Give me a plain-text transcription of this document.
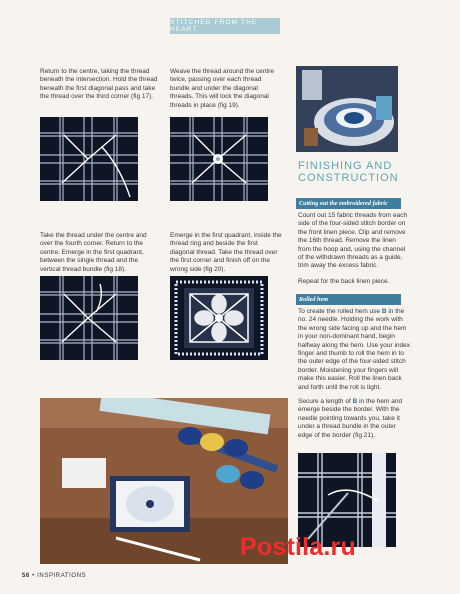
STITCHED FROM THE HEART
Return to the centre, taking the thread beneath the intersection. Hold the thread beneath the first diagonal pass and take the thread over the third corner (fig 17).
Take the thread under the centre and over the fourth corner. Return to the centre. Emerge in the first quadrant, between the single thread and the vertical thread bundle (fig 18).
Weave the thread around the centre twice, passing over each thread bundle and under the diagonal threads. This will lock the diagonal threads in place (fig 19).
Emerge in the first quadrant, inside the thread ring and beside the first diagonal thread. Take the thread over the first corner and finish off on the wrong side (fig 20).
FINISHING AND CONSTRUCTION
Cutting out the embroidered fabric
Count out 15 fabric threads from each side of the four-sided stitch border on the front linen piece. Clip and remove the 16th thread. Remove the linen from the hoop and, using the channel of the withdrawn threads as a guide, trim away the excess fabric.
Repeat for the back linen piece.
Rolled hem
To create the rolled hem use B in the no. 24 needle. Holding the work with the wrong side facing up and the hem in your non-dominant hand, begin halfway along the hem. Use your index finger and thumb to roll the hem in to the outer edge of the four-sided stitch border. Moistening your fingers will make this easier. Roll the linen back and forth until the roll is tight.
Secure a length of B in the hem and emerge beside the border. With the needle pointing towards you, take it under a thread bundle in the outer edge of the border (fig 21).
56 • INSPIRATIONS
Postila.ru
